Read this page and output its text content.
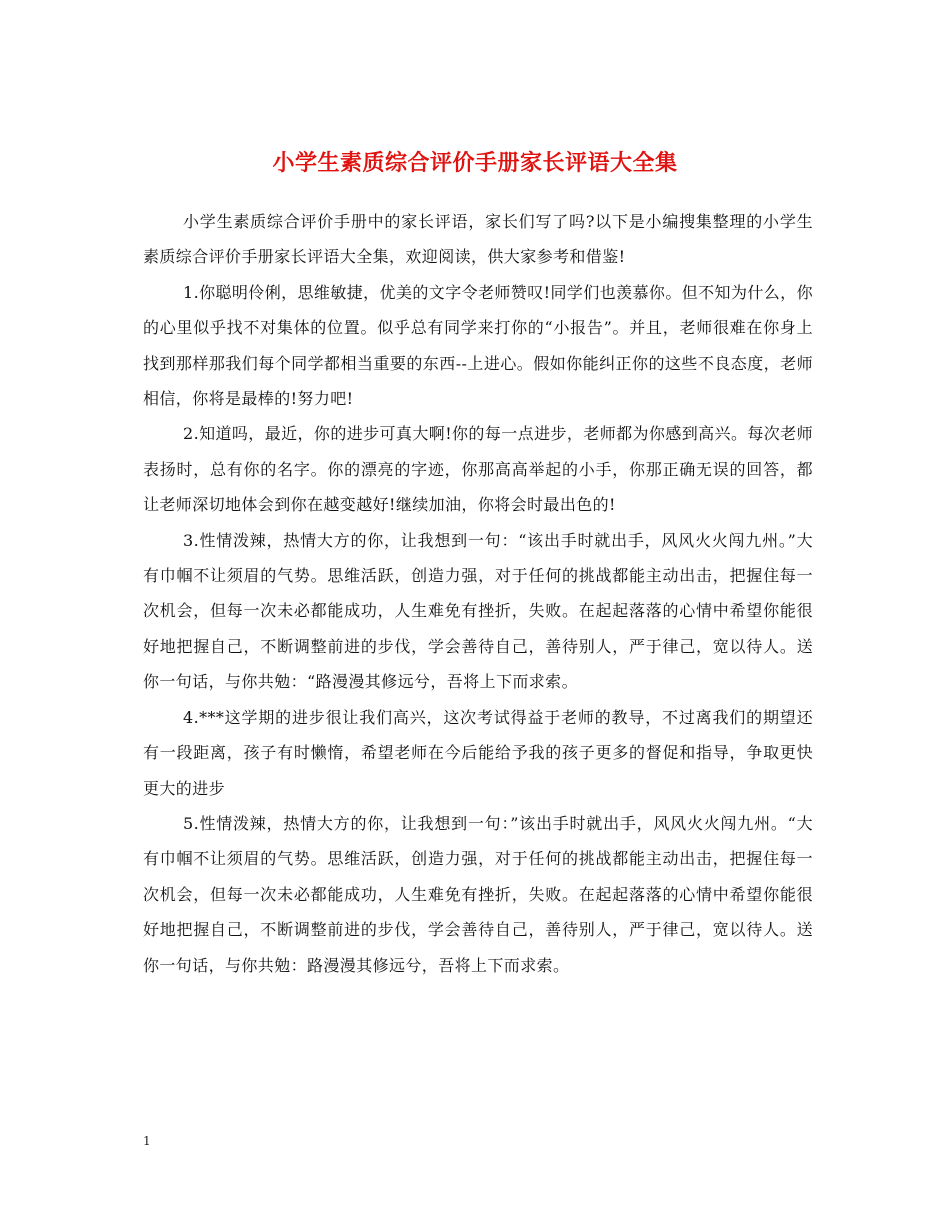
小学生素质综合评价手册家长评语大全集

小学生素质综合评价手册中的家长评语，家长们写了吗?以下是小编搜集整理的小学生素质综合评价手册家长评语大全集，欢迎阅读，供大家参考和借鉴!

1.你聪明伶俐，思维敏捷，优美的文字令老师赞叹!同学们也羡慕你。但不知为什么，你的心里似乎找不对集体的位置。似乎总有同学来打你的“小报告”。并且，老师很难在你身上找到那样那我们每个同学都相当重要的东西--上进心。假如你能纠正你的这些不良态度，老师相信，你将是最棒的!努力吧!

2.知道吗，最近，你的进步可真大啊!你的每一点进步，老师都为你感到高兴。每次老师表扬时，总有你的名字。你的漂亮的字迹，你那高高举起的小手，你那正确无误的回答，都让老师深切地体会到你在越变越好!继续加油，你将会时最出色的!

3.性情泼辣，热情大方的你，让我想到一句：“该出手时就出手，风风火火闯九州。”大有巾帼不让须眉的气势。思维活跃，创造力强，对于任何的挑战都能主动出击，把握住每一次机会，但每一次未必都能成功，人生难免有挫折，失败。在起起落落的心情中希望你能很好地把握自己，不断调整前进的步伐，学会善待自己，善待别人，严于律己，宽以待人。送你一句话，与你共勉：“路漫漫其修远兮，吾将上下而求索。

4.***这学期的进步很让我们高兴，这次考试得益于老师的教导，不过离我们的期望还有一段距离，孩子有时懒惰，希望老师在今后能给予我的孩子更多的督促和指导，争取更快更大的进步

5.性情泼辣，热情大方的你，让我想到一句：”该出手时就出手，风风火火闯九州。“大有巾帼不让须眉的气势。思维活跃，创造力强，对于任何的挑战都能主动出击，把握住每一次机会，但每一次未必都能成功，人生难免有挫折，失败。在起起落落的心情中希望你能很好地把握自己，不断调整前进的步伐，学会善待自己，善待别人，严于律己，宽以待人。送你一句话，与你共勉：路漫漫其修远兮，吾将上下而求索。

1
